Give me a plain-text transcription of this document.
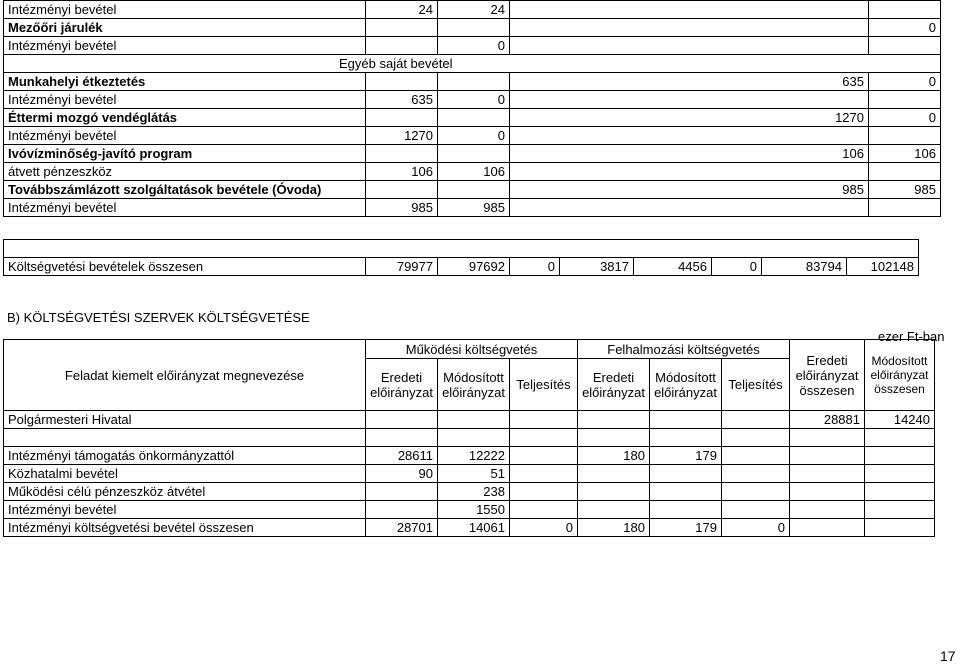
Intézményi bevétel	24	24		
Mezőőri járulék				0
Intézményi bevétel		0		
Egyéb saját bevétel				
Munkahelyi étkeztetés			635	0
Intézményi bevétel	635	0		
Éttermi mozgó vendéglátás			1270	0
Intézményi bevétel	1270	0		
Ivóvízminőség-javító program			106	106
átvett pénzeszköz	106	106		
Továbbszámlázott szolgáltatások bevétele (Óvoda)			985	985
Intézményi bevétel	985	985		

Költségvetési bevételek összesen	79977	97692	0	3817	4456	0	83794	102148
B) KÖLTSÉGVETÉSI SZERVEK KÖLTSÉGVETÉSE
ezer Ft-ban
Feladat kiemelt előirányzat megnevezése	Működési költségvetés			Felhalmozási költségvetés			Eredeti előirányzat összesen	Módosított előirányzat összesen
	Eredeti előirányzat	Módosított előirányzat	Teljesítés	Eredeti előirányzat	Módosított előirányzat	Teljesítés		
Polgármesteri Hivatal							28881	14240

Intézményi támogatás önkormányzattól	28611	12222		180	179			
Közhatalmi bevétel	90	51						
Működési célú pénzeszköz átvétel		238						
Intézményi bevétel		1550						
Intézményi költségvetési bevétel összesen	28701	14061	0	180	179	0		
17
